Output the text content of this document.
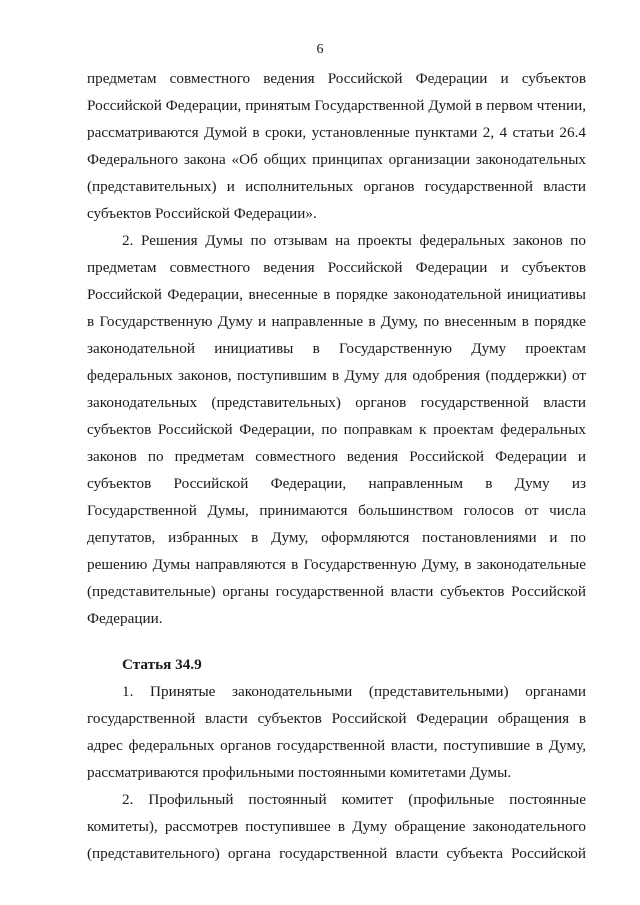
6

предметам совместного ведения Российской Федерации и субъектов Российской Федерации, принятым Государственной Думой в первом чтении, рассматриваются Думой в сроки, установленные пунктами 2, 4 статьи 26.4 Федерального закона «Об общих принципах организации законодательных (представительных) и исполнительных органов государственной власти субъектов Российской Федерации».

2. Решения Думы по отзывам на проекты федеральных законов по предметам совместного ведения Российской Федерации и субъектов Российской Федерации, внесенные в порядке законодательной инициативы в Государственную Думу и направленные в Думу, по внесенным в порядке законодательной инициативы в Государственную Думу проектам федеральных законов, поступившим в Думу для одобрения (поддержки) от законодательных (представительных) органов государственной власти субъектов Российской Федерации, по поправкам к проектам федеральных законов по предметам совместного ведения Российской Федерации и субъектов Российской Федерации, направленным в Думу из Государственной Думы, принимаются большинством голосов от числа депутатов, избранных в Думу, оформляются постановлениями и по решению Думы направляются в Государственную Думу, в законодательные (представительные) органы государственной власти субъектов Российской Федерации.

Статья 34.9

1. Принятые законодательными (представительными) органами государственной власти субъектов Российской Федерации обращения в адрес федеральных органов государственной власти, поступившие в Думу, рассматриваются профильными постоянными комитетами Думы.

2. Профильный постоянный комитет (профильные постоянные комитеты), рассмотрев поступившее в Думу обращение законодательного (представительного) органа государственной власти субъекта Российской
